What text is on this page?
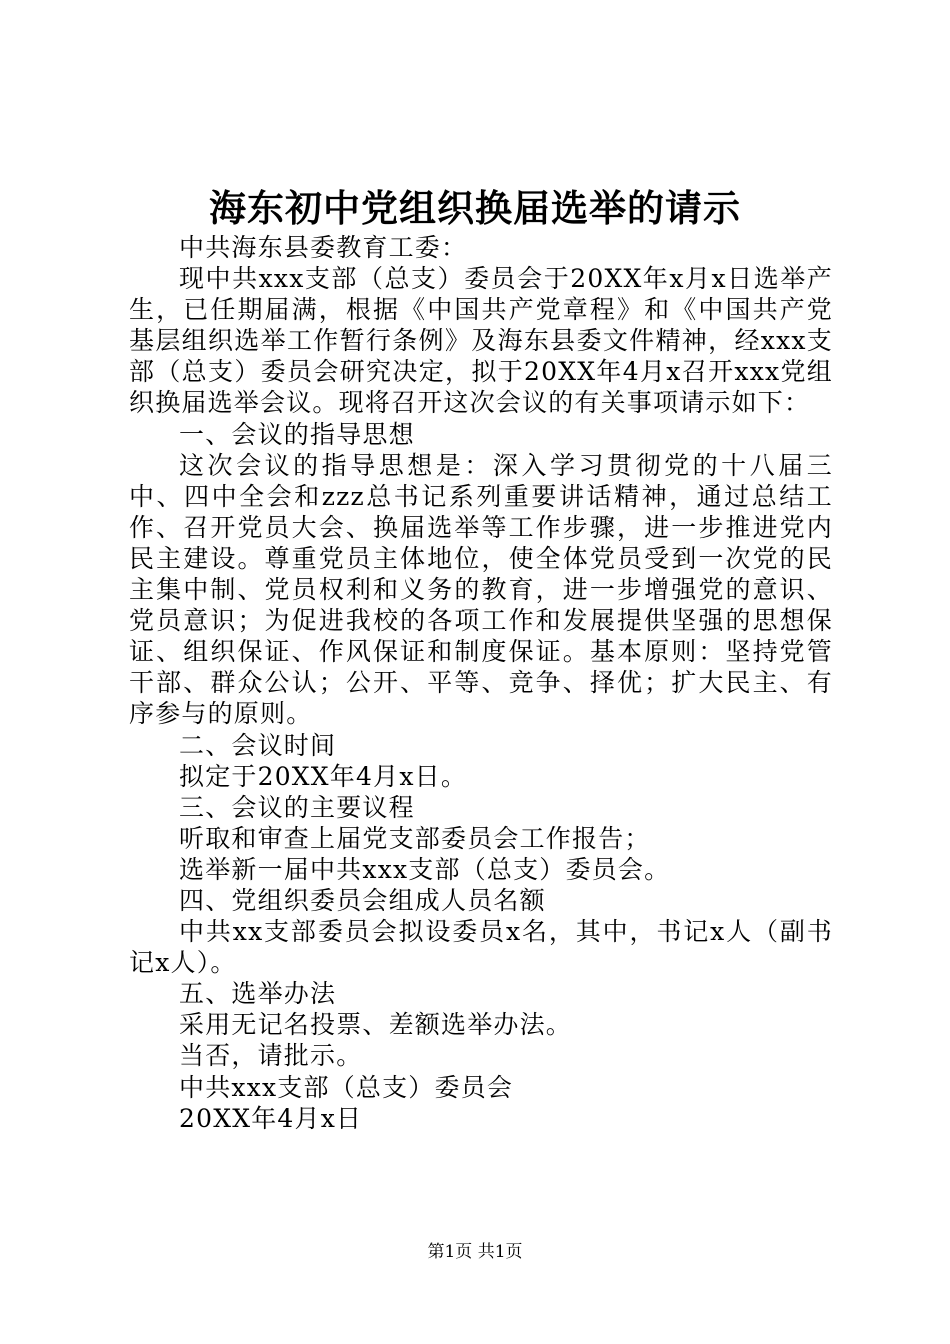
海东初中党组织换届选举的请示

中共海东县委教育工委：

现中共xxx支部（总支）委员会于20XX年x月x日选举产生，已任期届满，根据《中国共产党章程》和《中国共产党基层组织选举工作暂行条例》及海东县委文件精神，经xxx支部（总支）委员会研究决定，拟于20XX年4月x召开xxx党组织换届选举会议。现将召开这次会议的有关事项请示如下：

一、会议的指导思想

这次会议的指导思想是：深入学习贯彻党的十八届三中、四中全会和zzz总书记系列重要讲话精神，通过总结工作、召开党员大会、换届选举等工作步骤，进一步推进党内民主建设。尊重党员主体地位，使全体党员受到一次党的民主集中制、党员权利和义务的教育，进一步增强党的意识、党员意识；为促进我校的各项工作和发展提供坚强的思想保证、组织保证、作风保证和制度保证。基本原则：坚持党管干部、群众公认；公开、平等、竞争、择优；扩大民主、有序参与的原则。

二、会议时间

拟定于20XX年4月x日。

三、会议的主要议程

听取和审查上届党支部委员会工作报告；

选举新一届中共xxx支部（总支）委员会。

四、党组织委员会组成人员名额

中共xx支部委员会拟设委员x名，其中，书记x人（副书记x人）。

五、选举办法

采用无记名投票、差额选举办法。

当否，请批示。

中共xxx支部（总支）委员会

20XX年4月x日

第1页 共1页
